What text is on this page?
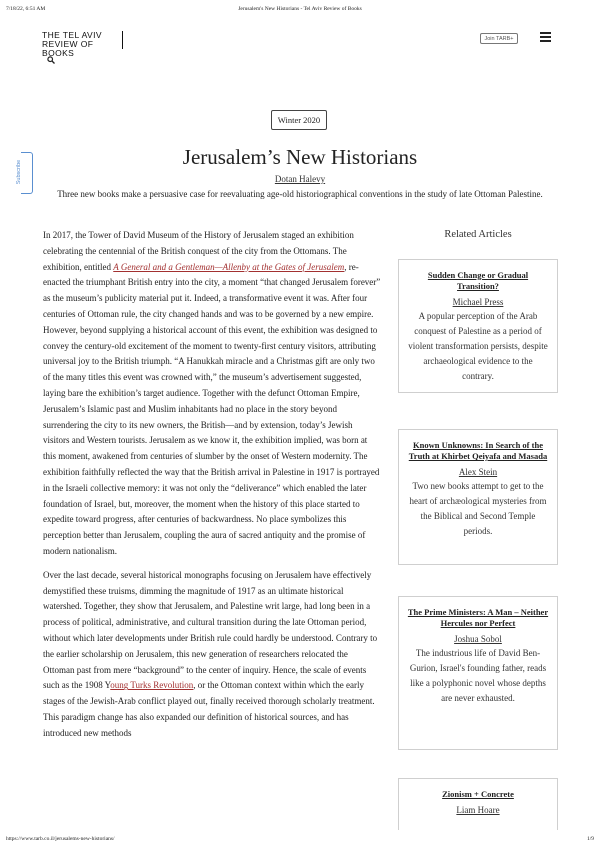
7/18/22, 6:51 AM	Jerusalem's New Historians - Tel Aviv Review of Books
https://www.tarb.co.il/jerusalems-new-historians/	1/9
THE TEL AVIV
REVIEW OF BOOKS
Join TARB+
Subscribe
Winter 2020
Jerusalem’s New Historians
Dotan Halevy
Three new books make a persuasive case for reevaluating age-old historiographical conventions in the study of late Ottoman Palestine.

In 2017, the Tower of David Museum of the History of Jerusalem staged an exhibition celebrating the centennial of the British conquest of the city from the Ottomans. The exhibition, entitled A General and a Gentleman—Allenby at the Gates of Jerusalem, re-enacted the triumphant British entry into the city, a moment “that changed Jerusalem forever” as the museum’s publicity material put it. Indeed, a transformative event it was. After four centuries of Ottoman rule, the city changed hands and was to be governed by a new empire. However, beyond supplying a historical account of this event, the exhibition was designed to convey the century-old excitement of the moment to twenty-first century visitors, attributing universal joy to the British triumph. “A Hanukkah miracle and a Christmas gift are only two of the many titles this event was crowned with,” the museum’s advertisement suggested, laying bare the exhibition’s target audience. Together with the defunct Ottoman Empire, Jerusalem’s Islamic past and Muslim inhabitants had no place in the story beyond surrendering the city to its new owners, the British—and by extension, today’s Jewish visitors and Western tourists. Jerusalem as we know it, the exhibition implied, was born at this moment, awakened from centuries of slumber by the onset of Western modernity. The exhibition faithfully reflected the way that the British arrival in Palestine in 1917 is portrayed in the Israeli collective memory: it was not only the “deliverance” which enabled the later foundation of Israel, but, moreover, the moment when the history of this place started to expedite toward progress, after centuries of backwardness. No place symbolizes this perception better than Jerusalem, coupling the aura of sacred antiquity and the promise of modern nationalism.

Over the last decade, several historical monographs focusing on Jerusalem have effectively demystified these truisms, dimming the magnitude of 1917 as an ultimate historical watershed. Together, they show that Jerusalem, and Palestine writ large, had long been in a process of political, administrative, and cultural transition during the late Ottoman period, without which later developments under British rule could hardly be understood. Contrary to the earlier scholarship on Jerusalem, this new generation of researchers relocated the Ottoman past from mere “background” to the center of inquiry. Hence, the scale of events such as the 1908 Young Turks Revolution, or the Ottoman context within which the early stages of the Jewish-Arab conflict played out, finally received thorough scholarly treatment. This paradigm change has also expanded our definition of historical sources, and has introduced new methods

Related Articles

Sudden Change or Gradual Transition?

Michael Press

A popular perception of the Arab conquest of Palestine as a period of violent transformation persists, despite archaeological evidence to the contrary.

Known Unknowns: In Search of the Truth at Khirbet Qeiyafa and Masada

Alex Stein

Two new books attempt to get to the heart of archæological mysteries from the Biblical and Second Temple periods.

The Prime Ministers: A Man – Neither Hercules nor Perfect

Joshua Sobol

The industrious life of David Ben-Gurion, Israel's founding father, reads like a polyphonic novel whose depths are never exhausted.

Zionism + Concrete

Liam Hoare
